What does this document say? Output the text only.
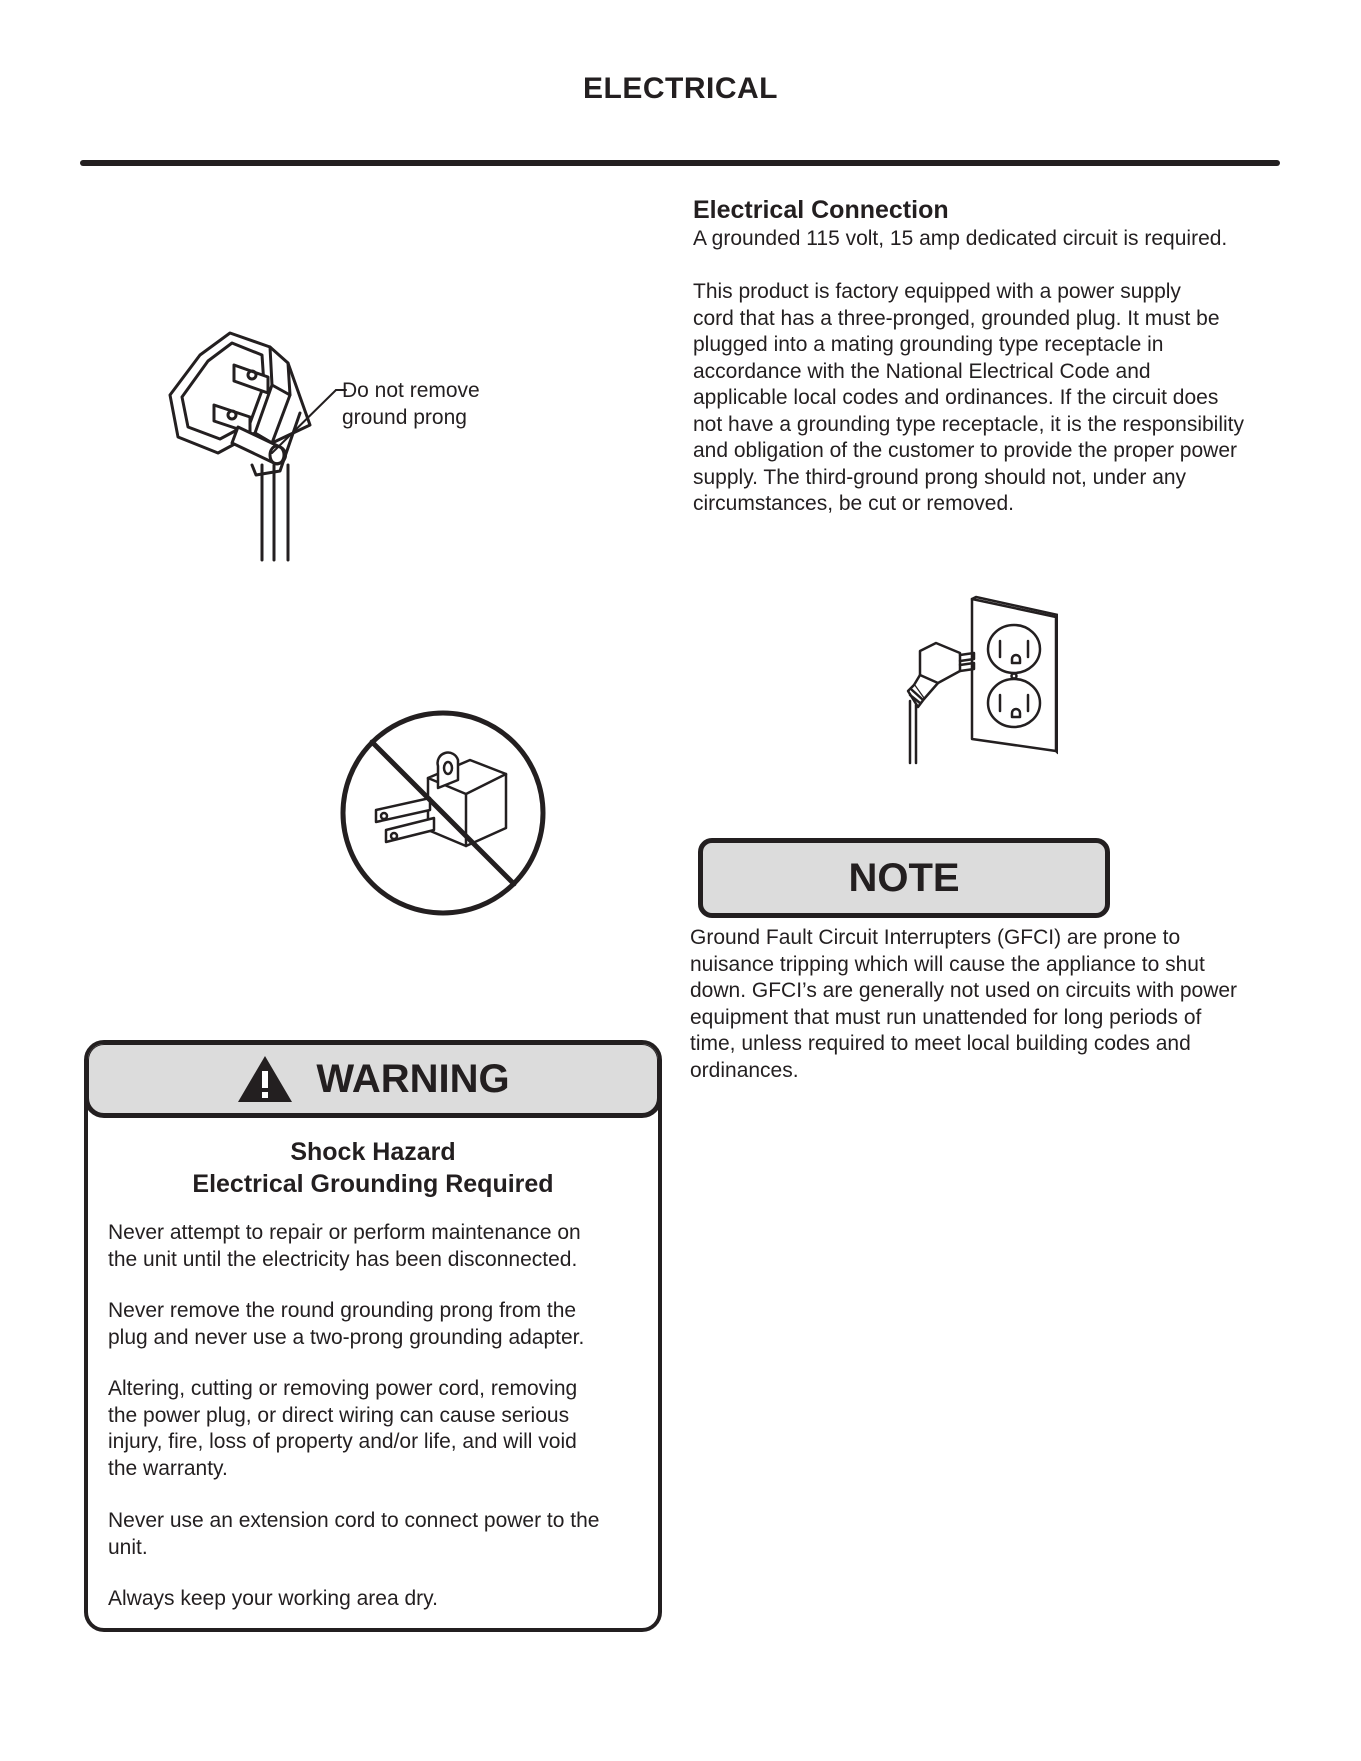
ELECTRICAL
Electrical Connection
A grounded 115 volt, 15 amp dedicated circuit is required.
This product is factory equipped with a power supply
cord that has a three-pronged, grounded plug. It must be
plugged into a mating grounding type receptacle in
accordance with the National Electrical Code and
applicable local codes and ordinances. If the circuit does
not have a grounding type receptacle, it is the responsibility
and obligation of the customer to provide the proper power
supply. The third-ground prong should not, under any
circumstances, be cut or removed.
Do not remove
ground prong
NOTE
Ground Fault Circuit Interrupters (GFCI) are prone to
nuisance tripping which will cause the appliance to shut
down. GFCI’s are generally not used on circuits with power
equipment that must run unattended for long periods of
time, unless required to meet local building codes and
ordinances.
WARNING
Shock Hazard
Electrical Grounding Required
Never attempt to repair or perform maintenance on
the unit until the electricity has been disconnected.
Never remove the round grounding prong from the
plug and never use a two-prong grounding adapter.
Altering, cutting or removing power cord, removing
the power plug, or direct wiring can cause serious
injury, fire, loss of property and/or life, and will void
the warranty.
Never use an extension cord to connect power to the
unit.
Always keep your working area dry.
